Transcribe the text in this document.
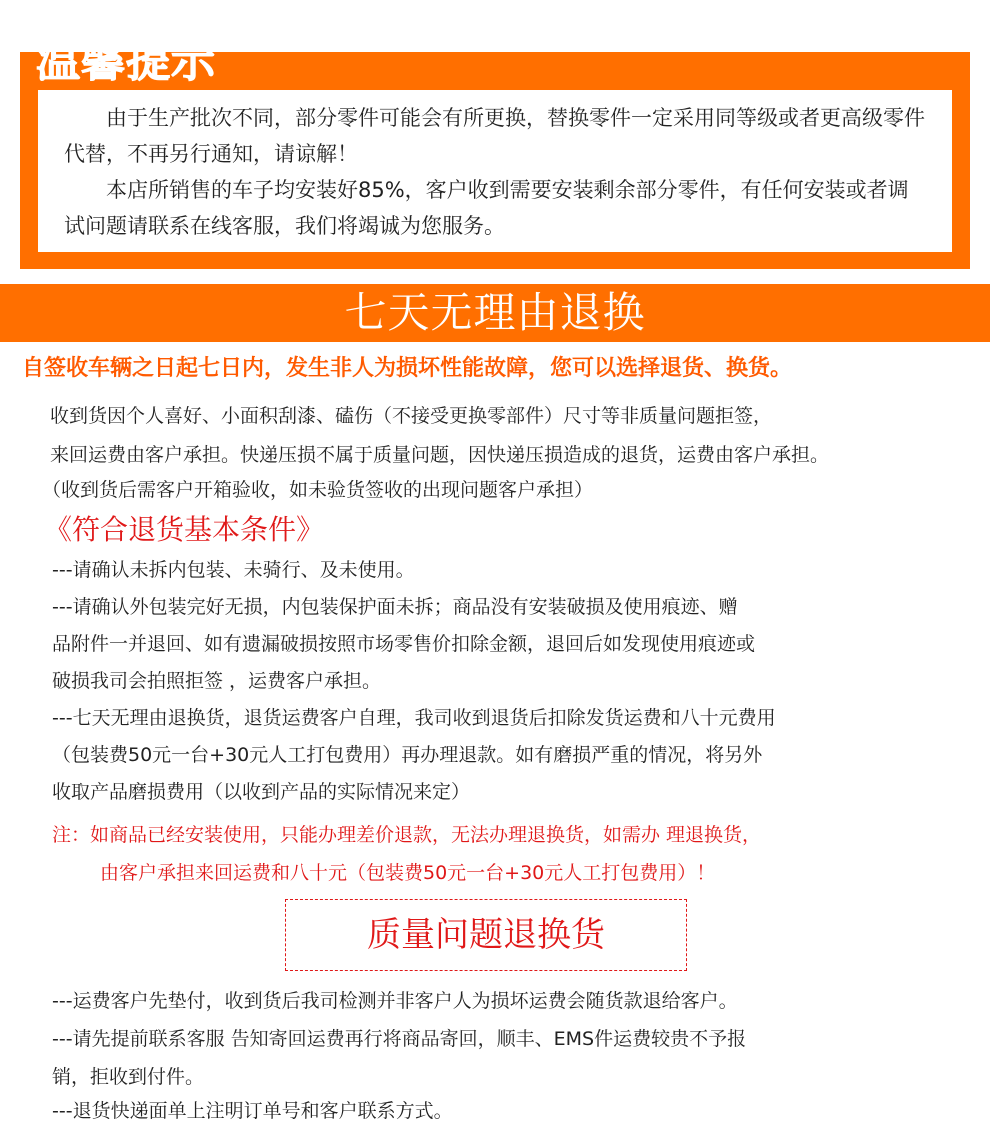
温馨提示

由于生产批次不同，部分零件可能会有所更换，替换零件一定采用同等级或者更高级零件代替，不再另行通知，请谅解！

本店所销售的车子均安装好85%，客户收到需要安装剩余部分零件，有任何安装或者调试问题请联系在线客服，我们将竭诚为您服务。

七天无理由退换
自签收车辆之日起七日内，发生非人为损坏性能故障，您可以选择退货、换货。
收到货因个人喜好、小面积刮漆、磕伤（不接受更换零部件）尺寸等非质量问题拒签，
来回运费由客户承担。快递压损不属于质量问题，因快递压损造成的退货，运费由客户承担。
（收到货后需客户开箱验收，如未验货签收的出现问题客户承担）
《符合退货基本条件》
---请确认未拆内包装、未骑行、及未使用。
---请确认外包装完好无损，内包装保护面未拆；商品没有安装破损及使用痕迹、赠
品附件一并退回、如有遗漏破损按照市场零售价扣除金额，退回后如发现使用痕迹或
破损我司会拍照拒签 ，运费客户承担。
---七天无理由退换货，退货运费客户自理，我司收到退货后扣除发货运费和八十元费用
（包装费50元一台+30元人工打包费用）再办理退款。如有磨损严重的情况，将另外
收取产品磨损费用（以收到产品的实际情况来定）
注：如商品已经安装使用，只能办理差价退款，无法办理退换货，如需办 理退换货，
由客户承担来回运费和八十元（包装费50元一台+30元人工打包费用）！
质量问题退换货
---运费客户先垫付，收到货后我司检测并非客户人为损坏运费会随货款退给客户。
---请先提前联系客服 告知寄回运费再行将商品寄回，顺丰、EMS件运费较贵不予报
销，拒收到付件。
---退货快递面单上注明订单号和客户联系方式。
